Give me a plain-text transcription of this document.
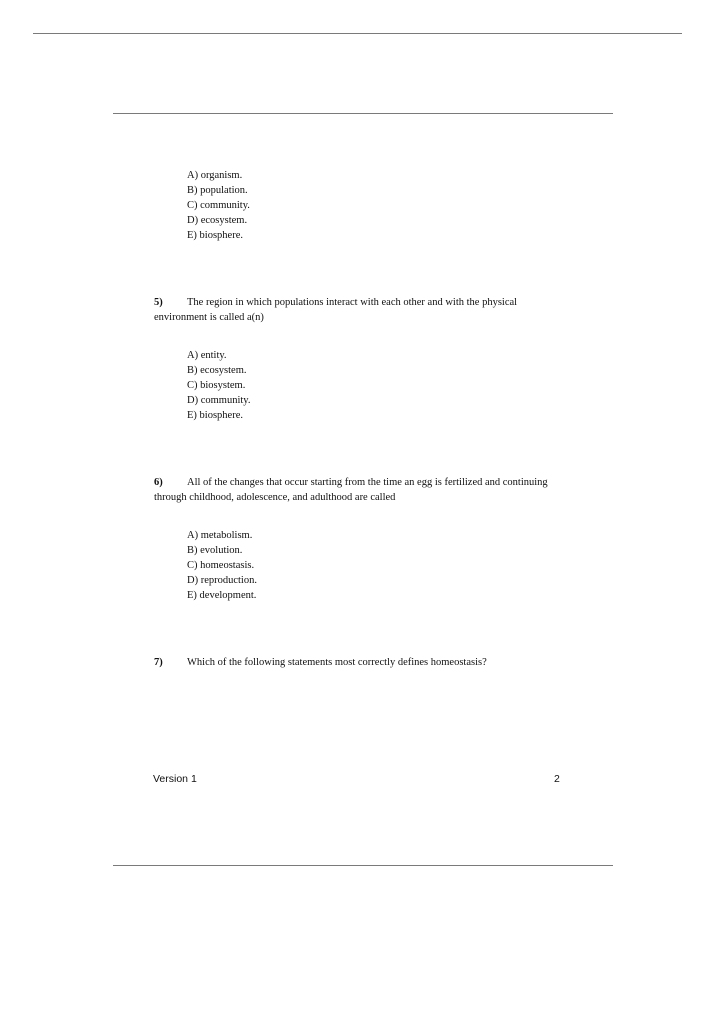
A) organism.
B) population.
C) community.
D) ecosystem.
E) biosphere.
5) The region in which populations interact with each other and with the physical
environment is called a(n)
A) entity.
B) ecosystem.
C) biosystem.
D) community.
E) biosphere.
6) All of the changes that occur starting from the time an egg is fertilized and continuing
through childhood, adolescence, and adulthood are called
A) metabolism.
B) evolution.
C) homeostasis.
D) reproduction.
E) development.
7) Which of the following statements most correctly defines homeostasis?
Version 1	2
